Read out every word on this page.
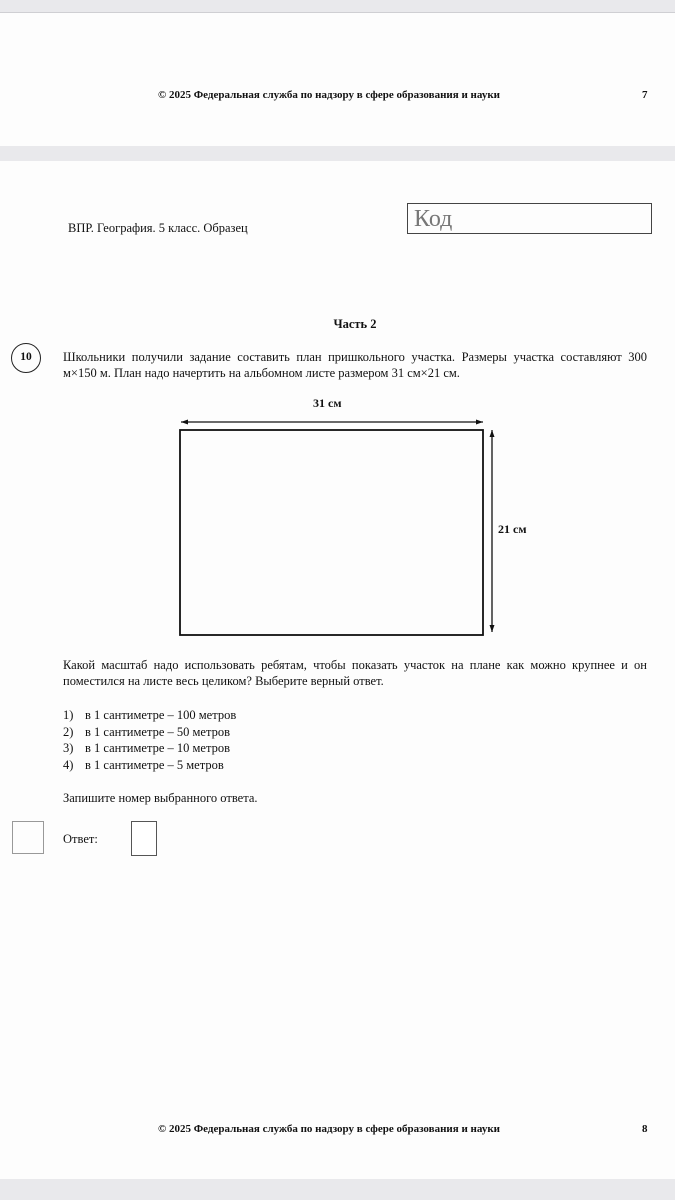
© 2025 Федеральная служба по надзору в сфере образования и науки	7
ВПР. География. 5 класс. Образец	Код
Часть 2
10	Школьники получили задание составить план пришкольного участка. Размеры участка составляют 300 м×150 м. План надо начертить на альбомном листе размером 31 см×21 см.

31 см
21 см

Какой масштаб надо использовать ребятам, чтобы показать участок на плане как можно крупнее и он поместился на листе весь целиком? Выберите верный ответ.

1) в 1 сантиметре – 100 метров
2) в 1 сантиметре – 50 метров
3) в 1 сантиметре – 10 метров
4) в 1 сантиметре – 5 метров
Запишите номер выбранного ответа.
Ответ:
© 2025 Федеральная служба по надзору в сфере образования и науки	8
